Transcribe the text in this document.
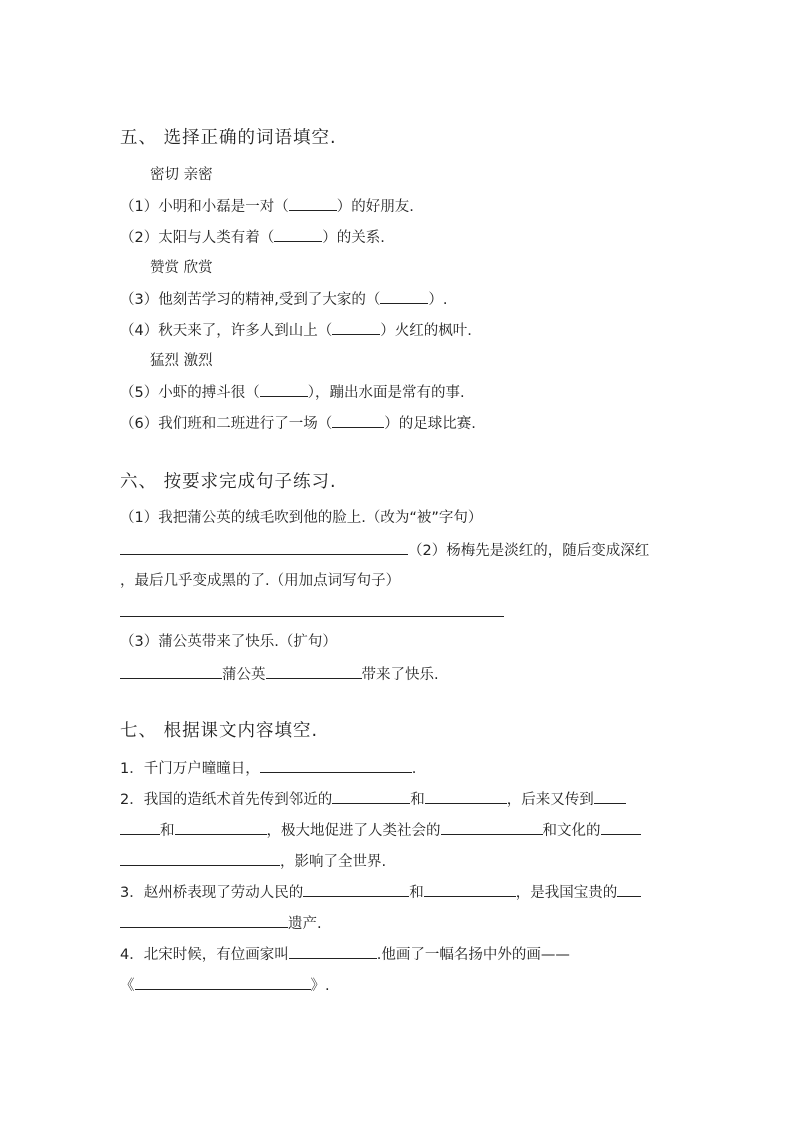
五、 选择正确的词语填空.
密切 亲密
（1）小明和小磊是一对（	）的好朋友.
（2）太阳与人类有着（	）的关系.
赞赏 欣赏
（3）他刻苦学习的精神,受到了大家的（	）.
（4）秋天来了，许多人到山上（	）火红的枫叶.
猛烈 激烈
（5）小虾的搏斗很（	），蹦出水面是常有的事.
（6）我们班和二班进行了一场（	）的足球比赛.
六、 按要求完成句子练习.
（1）我把蒲公英的绒毛吹到他的脸上.（改为“被”字句）
（2）杨梅先是淡红的，随后变成深红
，最后几乎变成黑的了.（用加点词写句子）
（3）蒲公英带来了快乐.（扩句）
蒲公英	带来了快乐.
七、 根据课文内容填空.
1．千门万户曈曈日，	.
2．我国的造纸术首先传到邻近的	和	，后来又传到
和	，极大地促进了人类社会的	和文化的
，影响了全世界.
3．赵州桥表现了劳动人民的	和	，是我国宝贵的
遗产.
4．北宋时候，有位画家叫	.他画了一幅名扬中外的画——
《	》.
